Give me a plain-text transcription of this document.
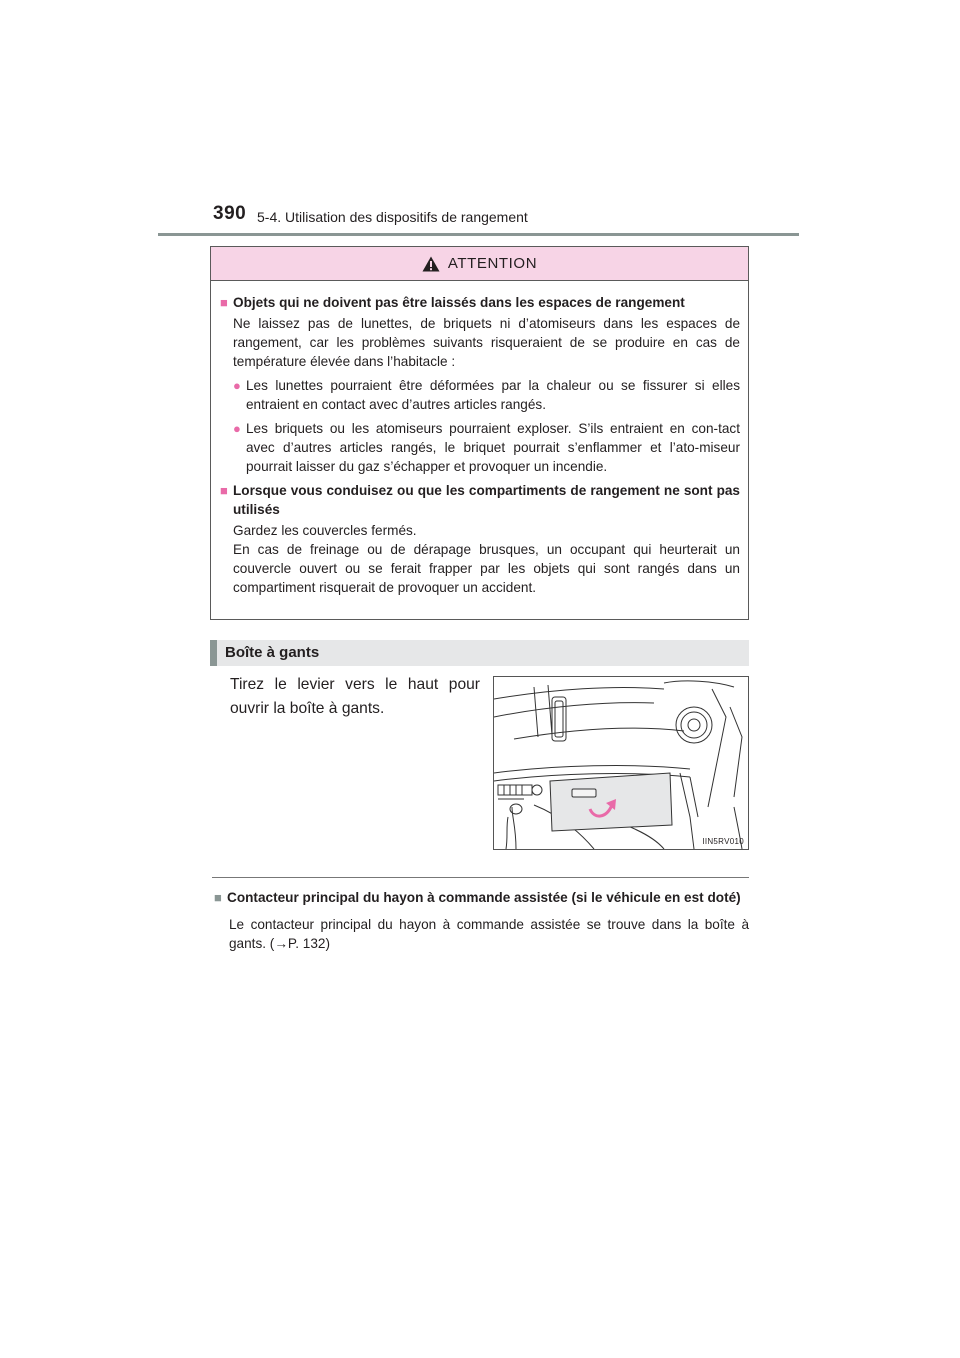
390 5-4. Utilisation des dispositifs de rangement
ATTENTION
■ Objets qui ne doivent pas être laissés dans les espaces de rangement
Ne laissez pas de lunettes, de briquets ni d’atomiseurs dans les espaces de rangement, car les problèmes suivants risqueraient de se produire en cas de température élevée dans l’habitacle :
● Les lunettes pourraient être déformées par la chaleur ou se fissurer si elles entraient en contact avec d’autres articles rangés.
● Les briquets ou les atomiseurs pourraient exploser. S’ils entraient en con-tact avec d’autres articles rangés, le briquet pourrait s’enflammer et l’ato-miseur pourrait laisser du gaz s’échapper et provoquer un incendie.
■ Lorsque vous conduisez ou que les compartiments de rangement ne sont pas utilisés
Gardez les couvercles fermés.
En cas de freinage ou de dérapage brusques, un occupant qui heurterait un couvercle ouvert ou se ferait frapper par les objets qui sont rangés dans un compartiment risquerait de provoquer un accident.
Boîte à gants
Tirez le levier vers le haut pour ouvrir la boîte à gants.
IIN5RV010
■ Contacteur principal du hayon à commande assistée (si le véhicule en est doté)
Le contacteur principal du hayon à commande assistée se trouve dans la boîte à gants. (→P. 132)
